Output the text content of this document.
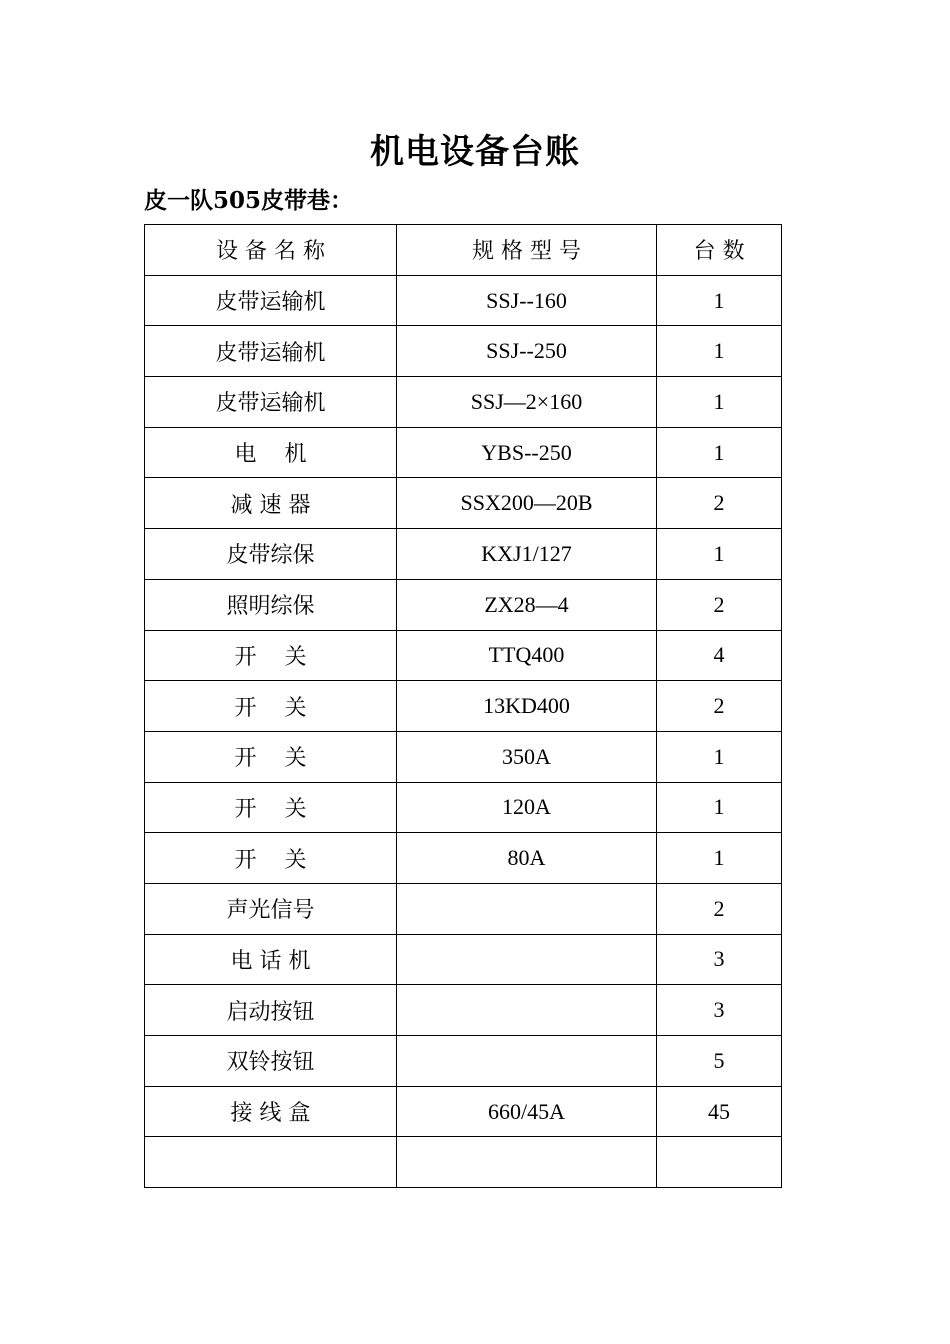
机电设备台账
皮一队505皮带巷：
设 备 名 称	规 格 型 号	台 数
皮带运输机	SSJ--160	1
皮带运输机	SSJ--250	1
皮带运输机	SSJ—2×160	1
电    机	YBS--250	1
减 速 器	SSX200—20B	2
皮带综保	KXJ1/127	1
照明综保	ZX28—4	2
开    关	TTQ400	4
开    关	13KD400	2
开    关	350A	1
开    关	120A	1
开    关	80A	1
声光信号		2
电 话 机		3
启动按钮		3
双铃按钮		5
接 线 盒	660/45A	45
